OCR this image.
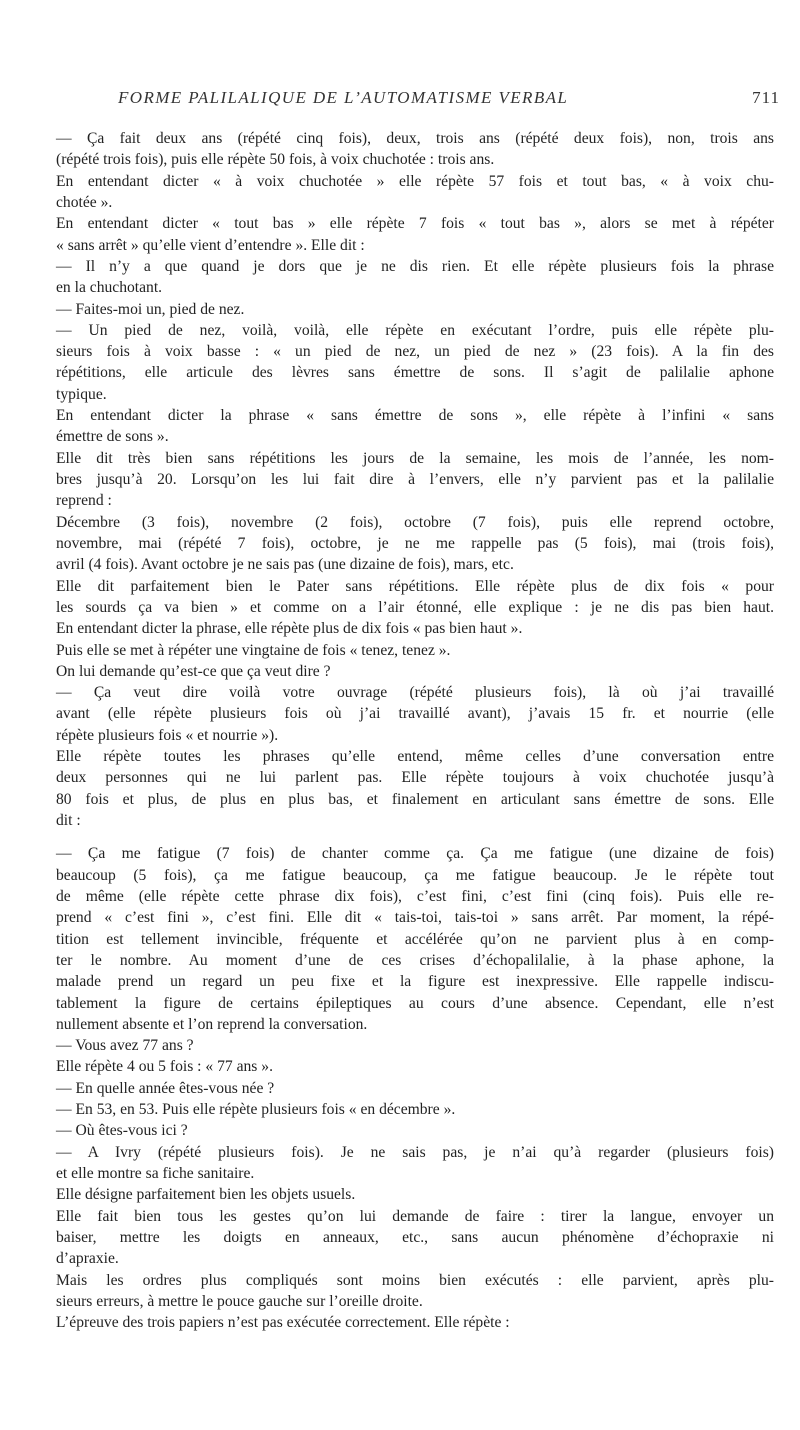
FORME PALILALIQUE DE L’AUTOMATISME VERBAL	711
— Ça fait deux ans (répété cinq fois), deux, trois ans (répété deux fois), non, trois ans
(répété trois fois), puis elle répète 50 fois, à voix chuchotée : trois ans.
En entendant dicter « à voix chuchotée » elle répète 57 fois et tout bas, « à voix chu-
chotée ».
En entendant dicter « tout bas » elle répète 7 fois « tout bas », alors se met à répéter
« sans arrêt » qu’elle vient d’entendre ». Elle dit :
— Il n’y a que quand je dors que je ne dis rien. Et elle répète plusieurs fois la phrase
en la chuchotant.
— Faites-moi un, pied de nez.
— Un pied de nez, voilà, voilà, elle répète en exécutant l’ordre, puis elle répète plu-
sieurs fois à voix basse : « un pied de nez, un pied de nez » (23 fois). A la fin des
répétitions, elle articule des lèvres sans émettre de sons. Il s’agit de palilalie aphone
typique.
En entendant dicter la phrase « sans émettre de sons », elle répète à l’infini « sans
émettre de sons ».
Elle dit très bien sans répétitions les jours de la semaine, les mois de l’année, les nom-
bres jusqu’à 20. Lorsqu’on les lui fait dire à l’envers, elle n’y parvient pas et la palilalie
reprend :
Décembre (3 fois), novembre (2 fois), octobre (7 fois), puis elle reprend octobre,
novembre, mai (répété 7 fois), octobre, je ne me rappelle pas (5 fois), mai (trois fois),
avril (4 fois). Avant octobre je ne sais pas (une dizaine de fois), mars, etc.
Elle dit parfaitement bien le Pater sans répétitions. Elle répète plus de dix fois « pour
les sourds ça va bien » et comme on a l’air étonné, elle explique : je ne dis pas bien haut.
En entendant dicter la phrase, elle répète plus de dix fois « pas bien haut ».
Puis elle se met à répéter une vingtaine de fois « tenez, tenez ».
On lui demande qu’est-ce que ça veut dire ?
— Ça veut dire voilà votre ouvrage (répété plusieurs fois), là où j’ai travaillé
avant (elle répète plusieurs fois où j’ai travaillé avant), j’avais 15 fr. et nourrie (elle
répète plusieurs fois « et nourrie »).
Elle répète toutes les phrases qu’elle entend, même celles d’une conversation entre
deux personnes qui ne lui parlent pas. Elle répète toujours à voix chuchotée jusqu’à
80 fois et plus, de plus en plus bas, et finalement en articulant sans émettre de sons. Elle
dit :
— Ça me fatigue (7 fois) de chanter comme ça. Ça me fatigue (une dizaine de fois)
beaucoup (5 fois), ça me fatigue beaucoup, ça me fatigue beaucoup. Je le répète tout
de même (elle répète cette phrase dix fois), c’est fini, c’est fini (cinq fois). Puis elle re-
prend « c’est fini », c’est fini. Elle dit « tais-toi, tais-toi » sans arrêt. Par moment, la répé-
tition est tellement invincible, fréquente et accélérée qu’on ne parvient plus à en comp-
ter le nombre. Au moment d’une de ces crises d’échopalilalie, à la phase aphone, la
malade prend un regard un peu fixe et la figure est inexpressive. Elle rappelle indiscu-
tablement la figure de certains épileptiques au cours d’une absence. Cependant, elle n’est
nullement absente et l’on reprend la conversation.
— Vous avez 77 ans ?
Elle répète 4 ou 5 fois : « 77 ans ».
— En quelle année êtes-vous née ?
— En 53, en 53. Puis elle répète plusieurs fois « en décembre ».
— Où êtes-vous ici ?
— A Ivry (répété plusieurs fois). Je ne sais pas, je n’ai qu’à regarder (plusieurs fois)
et elle montre sa fiche sanitaire.
Elle désigne parfaitement bien les objets usuels.
Elle fait bien tous les gestes qu’on lui demande de faire : tirer la langue, envoyer un
baiser, mettre les doigts en anneaux, etc., sans aucun phénomène d’échopraxie ni
d’apraxie.
Mais les ordres plus compliqués sont moins bien exécutés : elle parvient, après plu-
sieurs erreurs, à mettre le pouce gauche sur l’oreille droite.
L’épreuve des trois papiers n’est pas exécutée correctement. Elle répète :
